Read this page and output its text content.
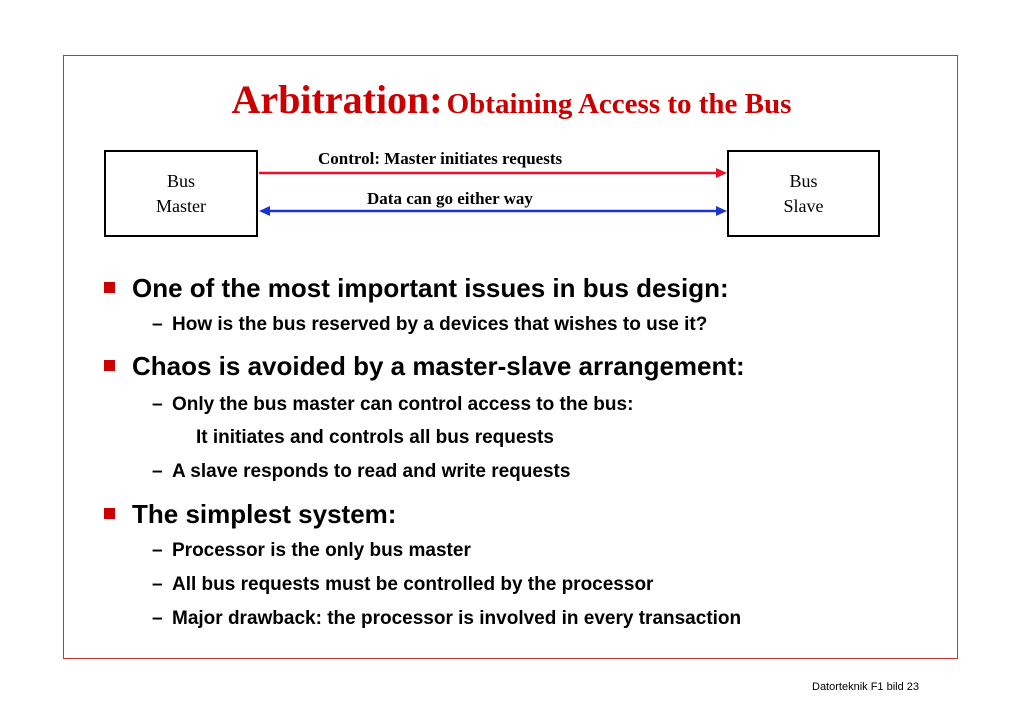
Arbitration: Obtaining Access to the Bus
Bus
Master
Bus
Slave
Control: Master initiates requests
Data can go either way
One of the most important issues in bus design:
– How is the bus reserved by a devices that wishes to use it?
Chaos is avoided by a master-slave arrangement:
– Only the bus master can control access to the bus:
It initiates and controls all bus requests
– A slave responds to read and write requests
The simplest system:
– Processor is the only bus master
– All bus requests must be controlled by the processor
– Major drawback: the processor is involved in every transaction
Datorteknik F1 bild 23
